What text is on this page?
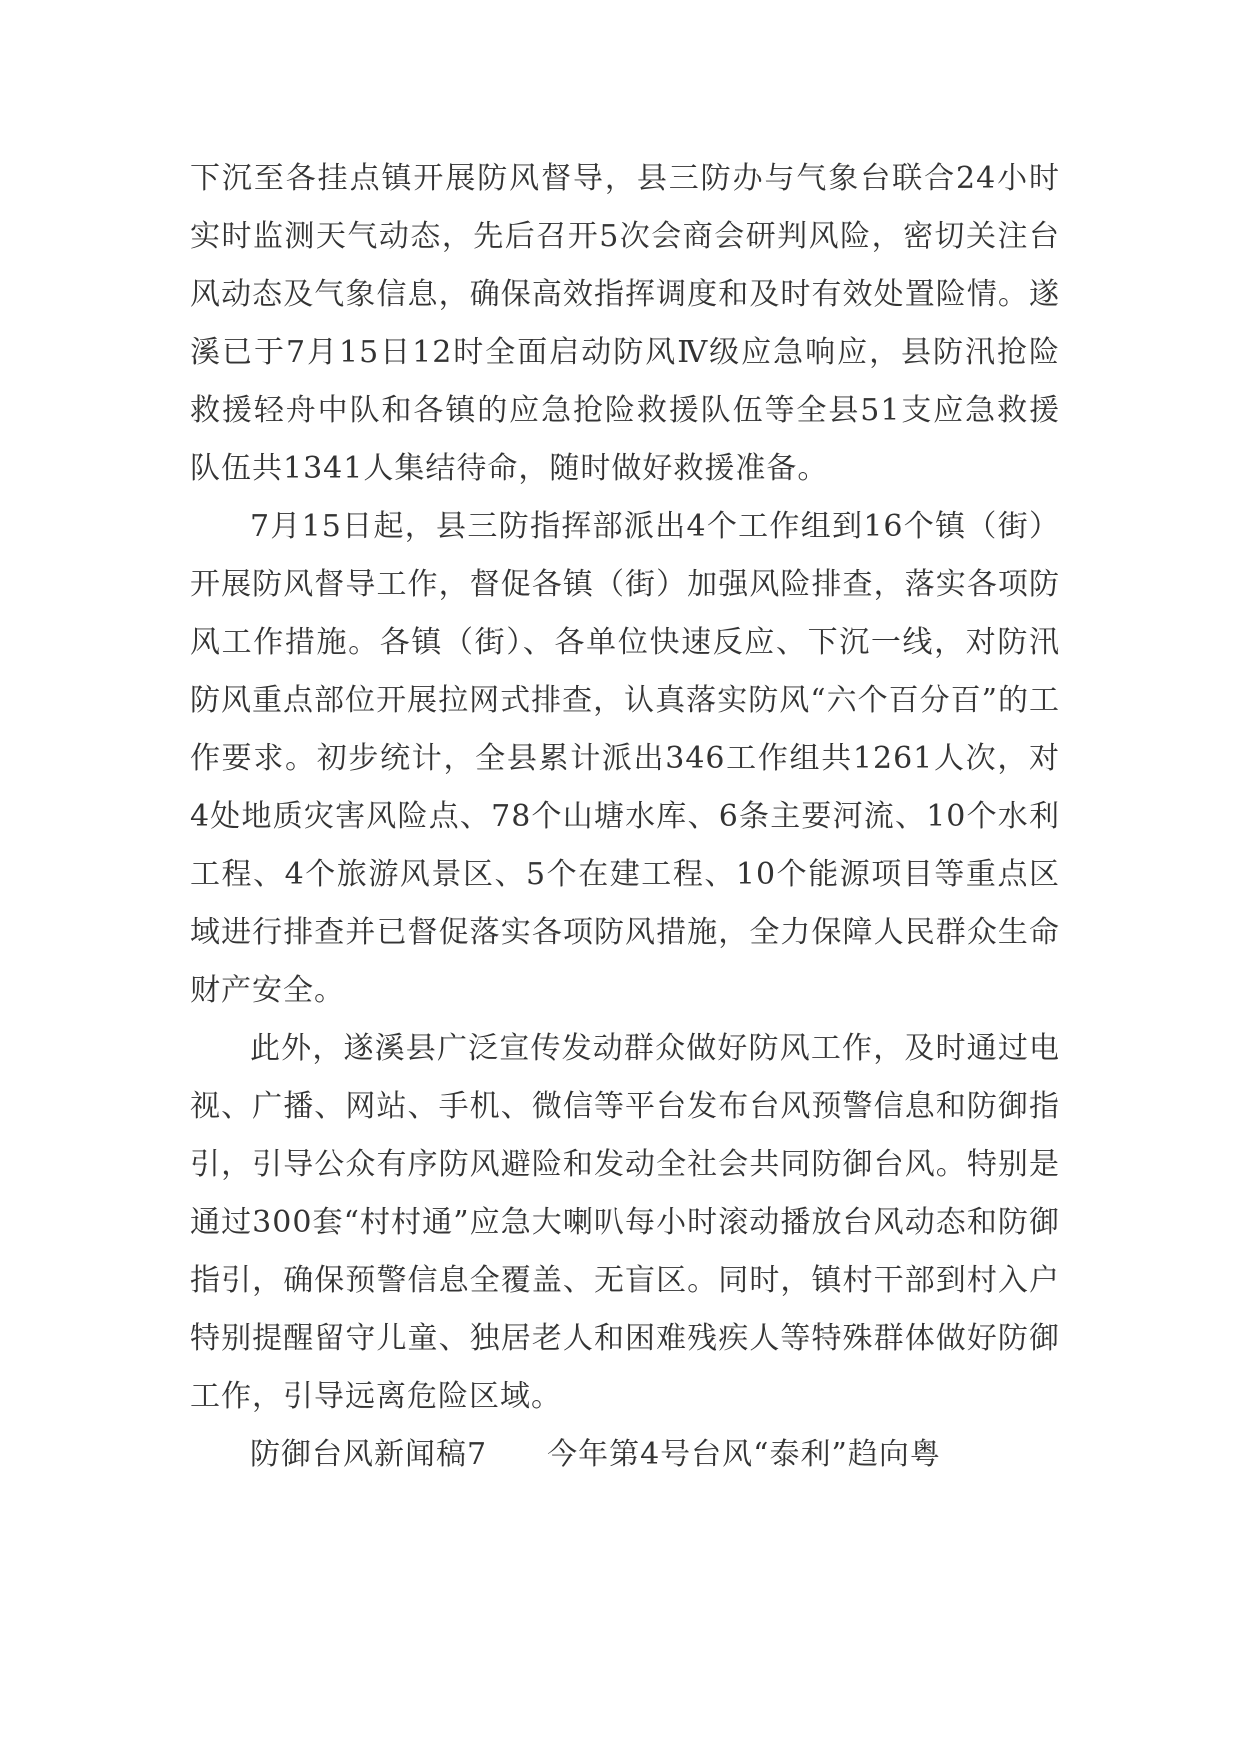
下沉至各挂点镇开展防风督导，县三防办与气象台联合24小时实时监测天气动态，先后召开5次会商会研判风险，密切关注台风动态及气象信息，确保高效指挥调度和及时有效处置险情。遂溪已于7月15日12时全面启动防风Ⅳ级应急响应，县防汛抢险救援轻舟中队和各镇的应急抢险救援队伍等全县51支应急救援队伍共1341人集结待命，随时做好救援准备。

7月15日起，县三防指挥部派出4个工作组到16个镇（街）开展防风督导工作，督促各镇（街）加强风险排查，落实各项防风工作措施。各镇（街）、各单位快速反应、下沉一线，对防汛防风重点部位开展拉网式排查，认真落实防风“六个百分百”的工作要求。初步统计，全县累计派出346工作组共1261人次，对4处地质灾害风险点、78个山塘水库、6条主要河流、10个水利工程、4个旅游风景区、5个在建工程、10个能源项目等重点区域进行排查并已督促落实各项防风措施，全力保障人民群众生命财产安全。

此外，遂溪县广泛宣传发动群众做好防风工作，及时通过电视、广播、网站、手机、微信等平台发布台风预警信息和防御指引，引导公众有序防风避险和发动全社会共同防御台风。特别是通过300套“村村通”应急大喇叭每小时滚动播放台风动态和防御指引，确保预警信息全覆盖、无盲区。同时，镇村干部到村入户特别提醒留守儿童、独居老人和困难残疾人等特殊群体做好防御工作，引导远离危险区域。

防御台风新闻稿7 今年第4号台风“泰利”趋向粤
